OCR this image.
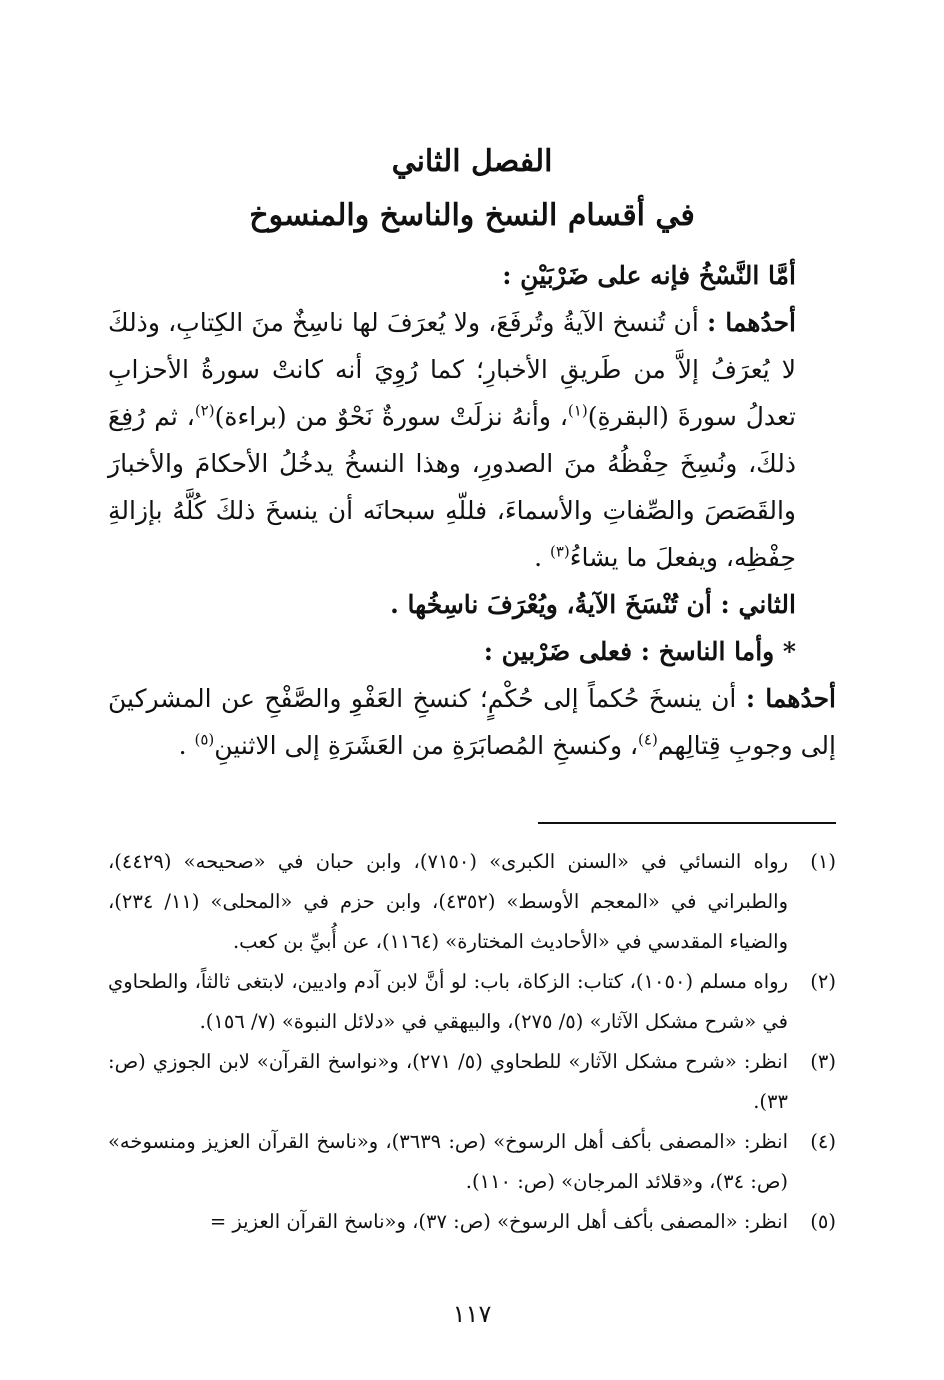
الفصل الثاني
في أقسام النسخ والناسخ والمنسوخ

أمَّا النَّسْخُ فإنه على ضَرْبَيْنِ :

أحدُهما : أن تُنسخ الآيةُ وتُرفَعَ، ولا يُعرَفَ لها ناسِخٌ منَ الكِتابِ، وذلكَ لا يُعرَفُ إلاَّ من طَريقِ الأخبارِ؛ كما رُوِيَ أنه كانتْ سورةُ الأحزابِ تعدلُ سورةَ (البقرةِ)$^{(١)}$، وأنهُ نزلَتْ سورةٌ نَحْوٌ من (براءة)$^{(٢)}$، ثم رُفِعَ ذلكَ، ونُسِخَ حِفْظُهُ منَ الصدورِ، وهذا النسخُ يدخُلُ الأحكامَ والأخبارَ والقَصَصَ والصِّفاتِ والأسماءَ، فللّهِ سبحانَه أن ينسخَ ذلكَ كُلَّهُ بإزالةِ حِفْظِه، ويفعلَ ما يشاءُ$^{(٣)}$ .

الثاني : أن تُنْسَخَ الآيةُ، ويُعْرَفَ ناسِخُها .

* وأما الناسخ : فعلى ضَرْبين :

أحدُهما : أن ينسخَ حُكماً إلى حُكْمٍ؛ كنسخِ العَفْوِ والصَّفْحِ عن المشركينَ إلى وجوبِ قِتالِهم$^{(٤)}$، وكنسخِ المُصابَرَةِ من العَشَرَةِ إلى الاثنينِ$^{(٥)}$ .

(١)
رواه النسائي في «السنن الكبرى» (٧١٥٠)، وابن حبان في «صحيحه» (٤٤٢٩)، والطبراني في «المعجم الأوسط» (٤٣٥٢)، وابن حزم في «المحلى» (١١/ ٢٣٤)، والضياء المقدسي في «الأحاديث المختارة» (١١٦٤)، عن أُبيِّ بن كعب.
(٢)
رواه مسلم (١٠٥٠)، كتاب: الزكاة، باب: لو أنَّ لابن آدم واديين، لابتغى ثالثاً، والطحاوي في «شرح مشكل الآثار» (٥/ ٢٧٥)، والبيهقي في «دلائل النبوة» (٧/ ١٥٦).
(٣)
انظر: «شرح مشكل الآثار» للطحاوي (٥/ ٢٧١)، و«نواسخ القرآن» لابن الجوزي (ص: ٣٣).
(٤)
انظر: «المصفى بأكف أهل الرسوخ» (ص: ٣٦٣٩)، و«ناسخ القرآن العزيز ومنسوخه» (ص: ٣٤)، و«قلائد المرجان» (ص: ١١٠).
(٥)
انظر: «المصفى بأكف أهل الرسوخ» (ص: ٣٧)، و«ناسخ القرآن العزيز =
١١٧
